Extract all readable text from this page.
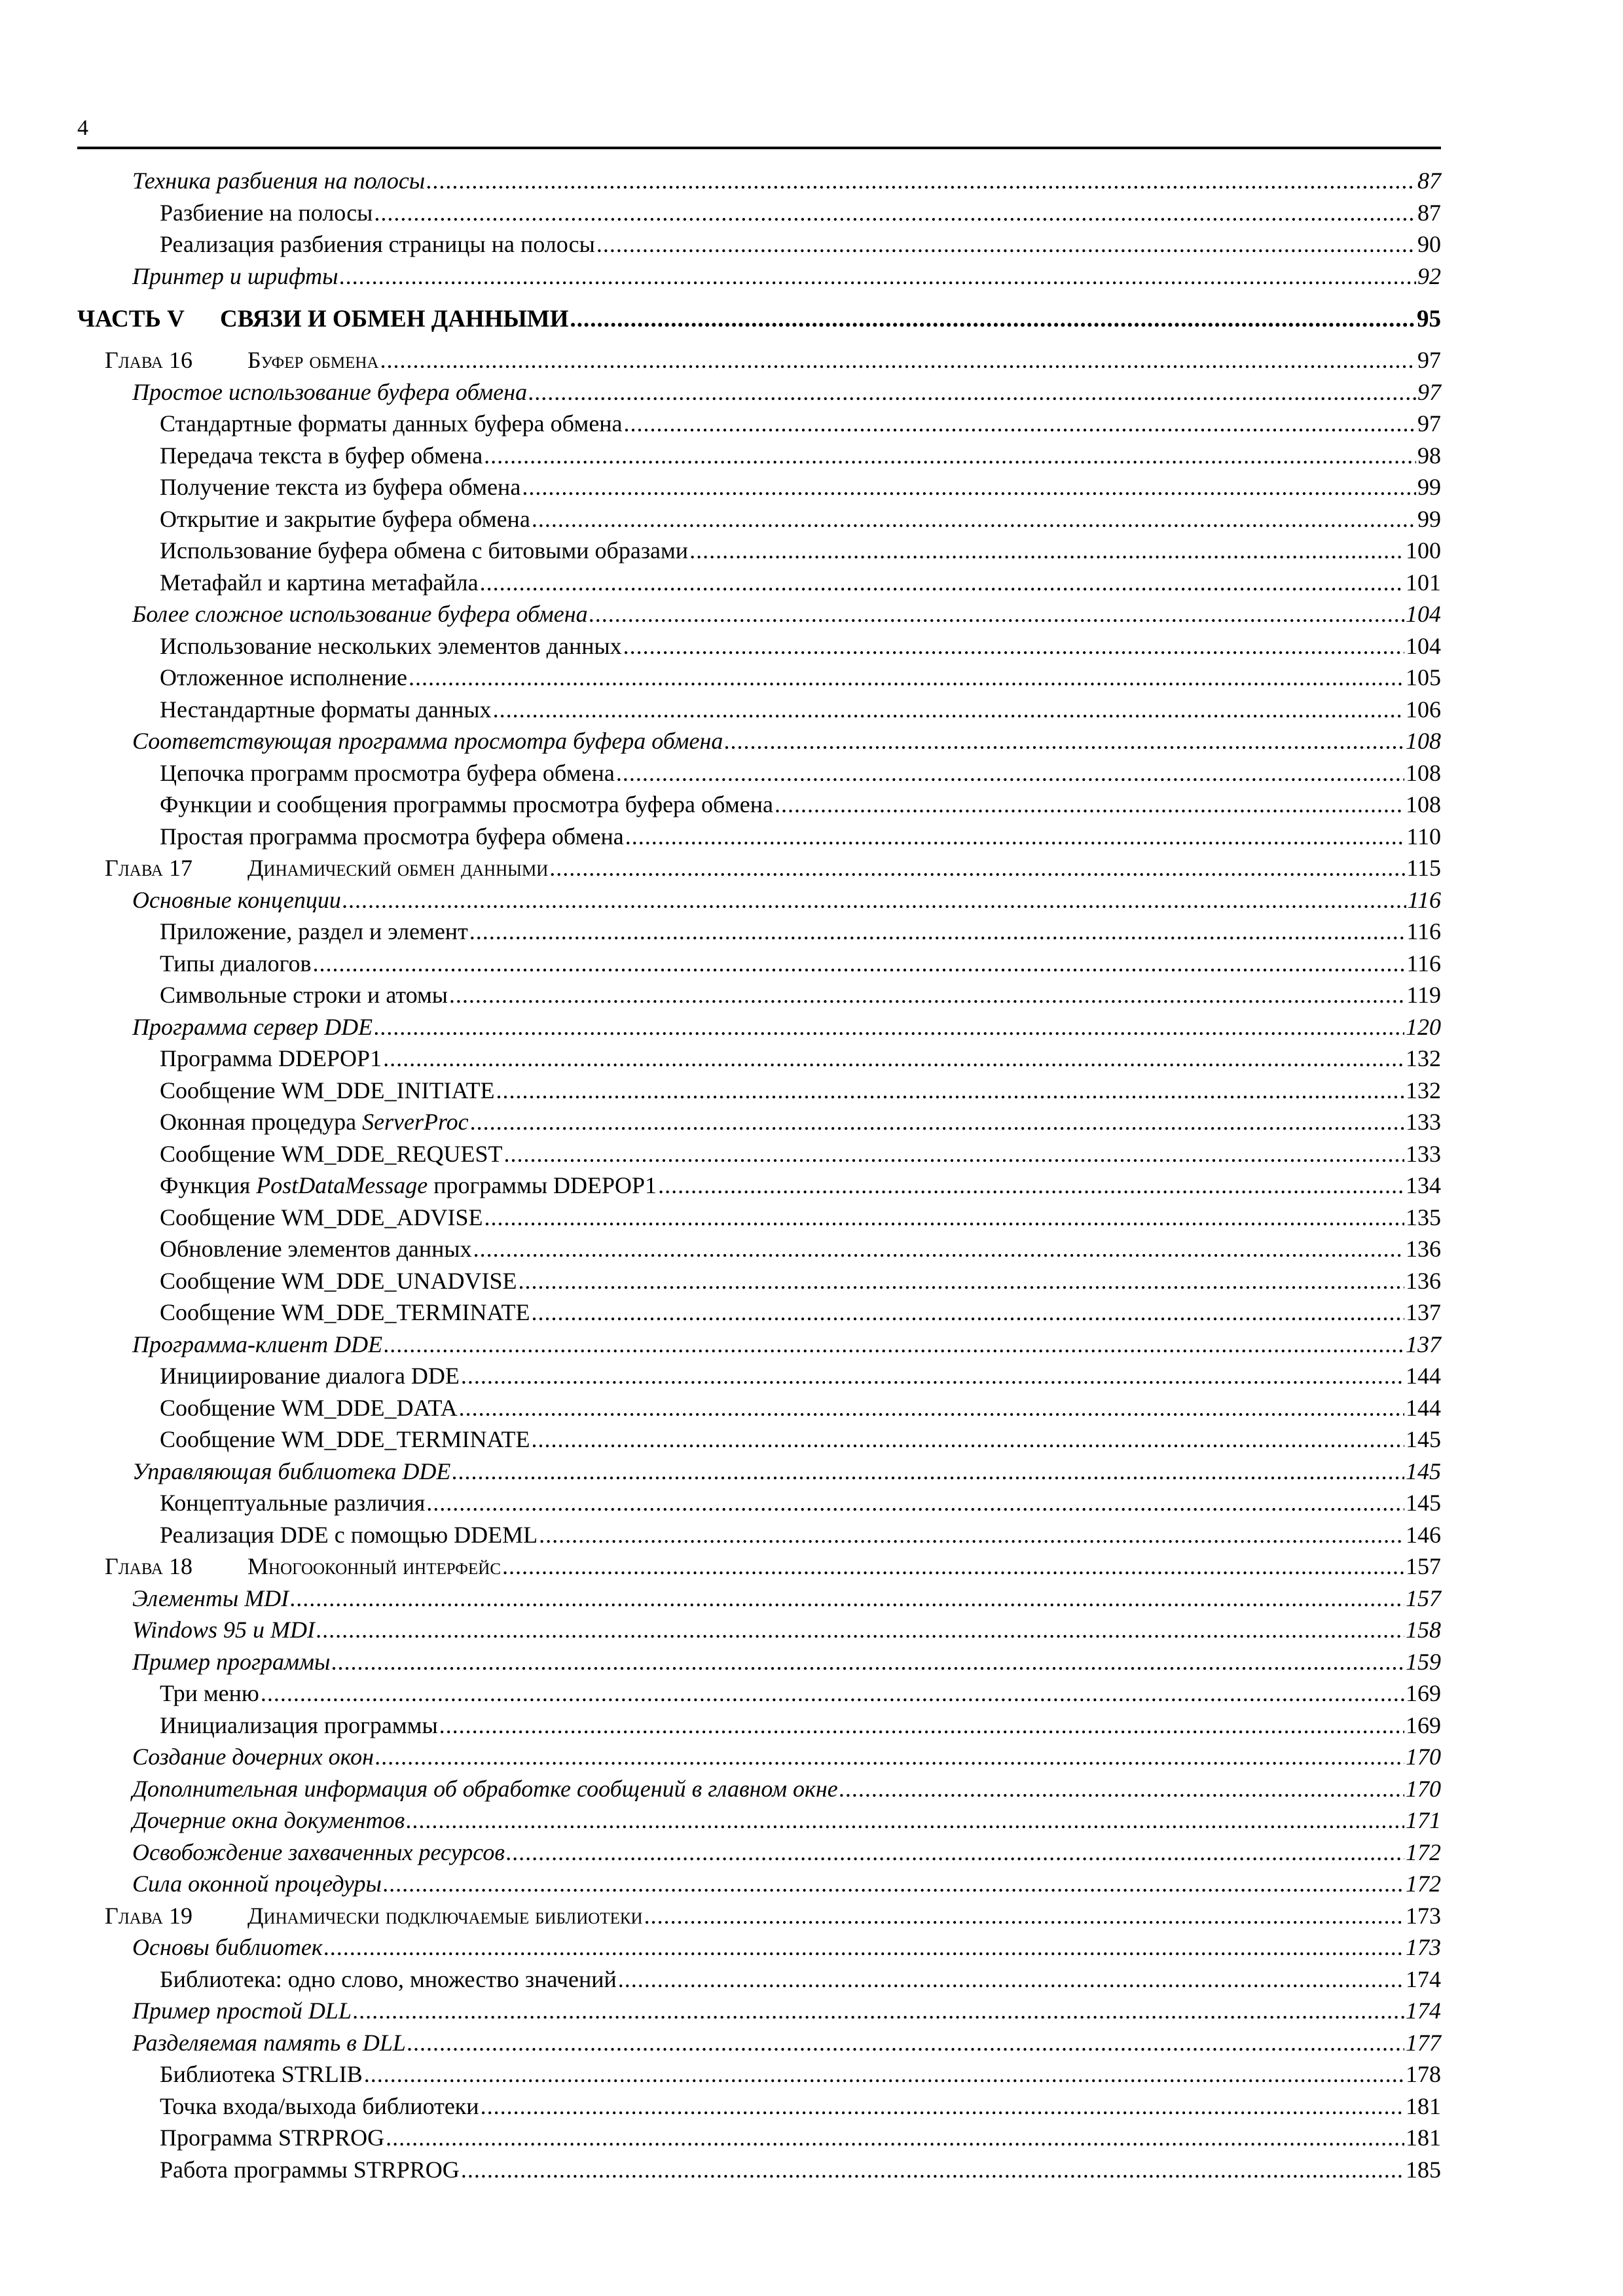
4
Техника разбиения на полосы .....	87
Разбиение на полосы .....	87
Реализация разбиения страницы на полосы .....	90
Принтер и шрифты .....	92
ЧАСТЬ V	СВЯЗИ И ОБМЕН ДАННЫМИ .....	95
Глава 16	Буфер обмена .....	97
Простое использование буфера обмена .....	97
Стандартные форматы данных буфера обмена .....	97
Передача текста в буфер обмена .....	98
Получение текста из буфера обмена .....	99
Открытие и закрытие буфера обмена .....	99
Использование буфера обмена с битовыми образами .....	100
Метафайл и картина метафайла .....	101
Более сложное использование буфера обмена .....	104
Использование нескольких элементов данных .....	104
Отложенное исполнение .....	105
Нестандартные форматы данных .....	106
Соответствующая программа просмотра буфера обмена .....	108
Цепочка программ просмотра буфера обмена .....	108
Функции и сообщения программы просмотра буфера обмена .....	108
Простая программа просмотра буфера обмена .....	110
Глава 17	Динамический обмен данными .....	115
Основные концепции .....	116
Приложение, раздел и элемент .....	116
Типы диалогов .....	116
Символьные строки и атомы .....	119
Программа сервер DDE .....	120
Программа DDEPOP1 .....	132
Сообщение WM_DDE_INITIATE .....	132
Оконная процедура ServerProc .....	133
Сообщение WM_DDE_REQUEST .....	133
Функция PostDataMessage программы DDEPOP1 .....	134
Сообщение WM_DDE_ADVISE .....	135
Обновление элементов данных .....	136
Сообщение WM_DDE_UNADVISE .....	136
Сообщение WM_DDE_TERMINATE .....	137
Программа-клиент DDE .....	137
Инициирование диалога DDE .....	144
Сообщение WM_DDE_DATA .....	144
Сообщение WM_DDE_TERMINATE .....	145
Управляющая библиотека DDE .....	145
Концептуальные различия .....	145
Реализация DDE с помощью DDEML .....	146
Глава 18	Многооконный интерфейс .....	157
Элементы MDI .....	157
Windows 95 и MDI .....	158
Пример программы .....	159
Три меню .....	169
Инициализация программы .....	169
Создание дочерних окон .....	170
Дополнительная информация об обработке сообщений в главном окне .....	170
Дочерние окна документов .....	171
Освобождение захваченных ресурсов .....	172
Сила оконной процедуры .....	172
Глава 19	Динамически подключаемые библиотеки .....	173
Основы библиотек .....	173
Библиотека: одно слово, множество значений .....	174
Пример простой DLL .....	174
Разделяемая память в DLL .....	177
Библиотека STRLIB .....	178
Точка входа/выхода библиотеки .....	181
Программа STRPROG .....	181
Работа программы STRPROG .....	185
